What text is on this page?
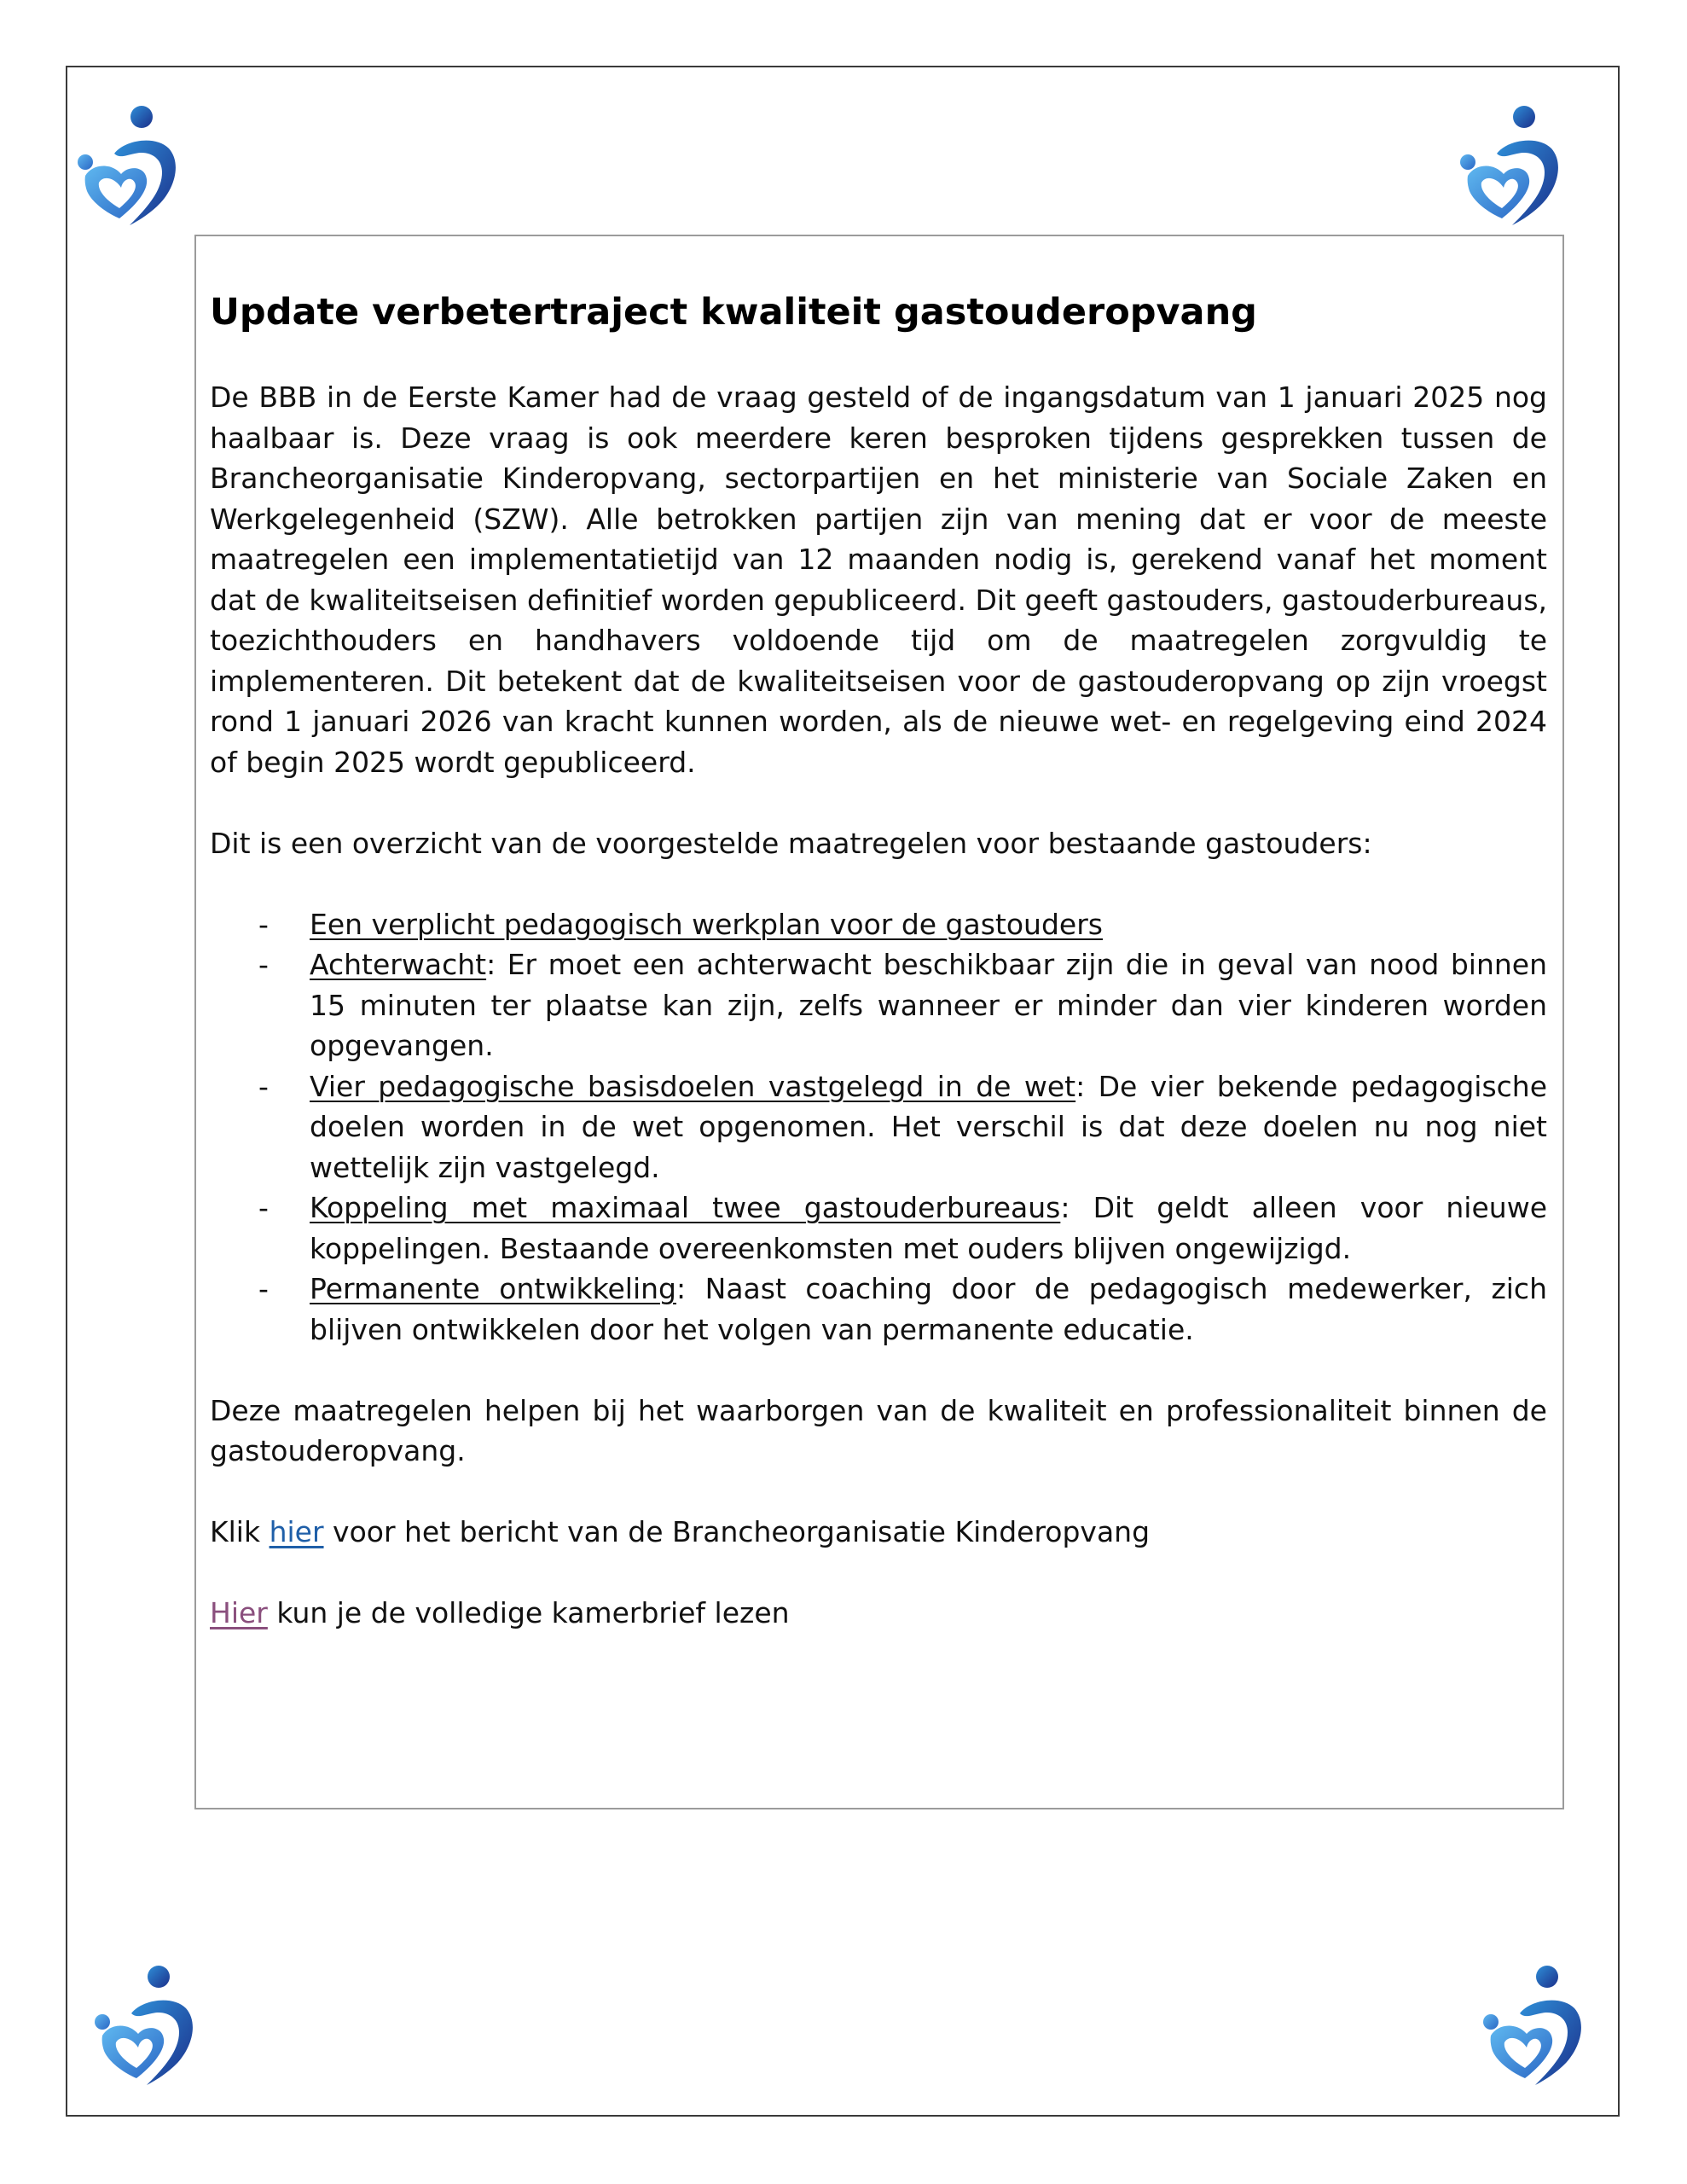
Update verbetertraject kwaliteit gastouderopvang

De BBB in de Eerste Kamer had de vraag gesteld of de ingangsdatum van 1 januari 2025 nog haalbaar is. Deze vraag is ook meerdere keren besproken tijdens gesprekken tussen de Brancheorganisatie Kinderopvang, sectorpartijen en het ministerie van Sociale Zaken en Werkgelegenheid (SZW). Alle betrokken partijen zijn van mening dat er voor de meeste maatregelen een implementatietijd van 12 maanden nodig is, gerekend vanaf het moment dat de kwaliteitseisen definitief worden gepubliceerd. Dit geeft gastouders, gastouderbureaus, toezichthouders en handhavers voldoende tijd om de maatregelen zorgvuldig te implementeren. Dit betekent dat de kwaliteitseisen voor de gastouderopvang op zijn vroegst rond 1 januari 2026 van kracht kunnen worden, als de nieuwe wet- en regelgeving eind 2024 of begin 2025 wordt gepubliceerd.

Dit is een overzicht van de voorgestelde maatregelen voor bestaande gastouders:

- Een verplicht pedagogisch werkplan voor de gastouders
- Achterwacht: Er moet een achterwacht beschikbaar zijn die in geval van nood binnen 15 minuten ter plaatse kan zijn, zelfs wanneer er minder dan vier kinderen worden opgevangen.
- Vier pedagogische basisdoelen vastgelegd in de wet: De vier bekende pedagogische doelen worden in de wet opgenomen. Het verschil is dat deze doelen nu nog niet wettelijk zijn vastgelegd.
- Koppeling met maximaal twee gastouderbureaus: Dit geldt alleen voor nieuwe koppelingen. Bestaande overeenkomsten met ouders blijven ongewijzigd.
- Permanente ontwikkeling: Naast coaching door de pedagogisch medewerker, zich blijven ontwikkelen door het volgen van permanente educatie.

Deze maatregelen helpen bij het waarborgen van de kwaliteit en professionaliteit binnen de gastouderopvang.

Klik hier voor het bericht van de Brancheorganisatie Kinderopvang

Hier kun je de volledige kamerbrief lezen
